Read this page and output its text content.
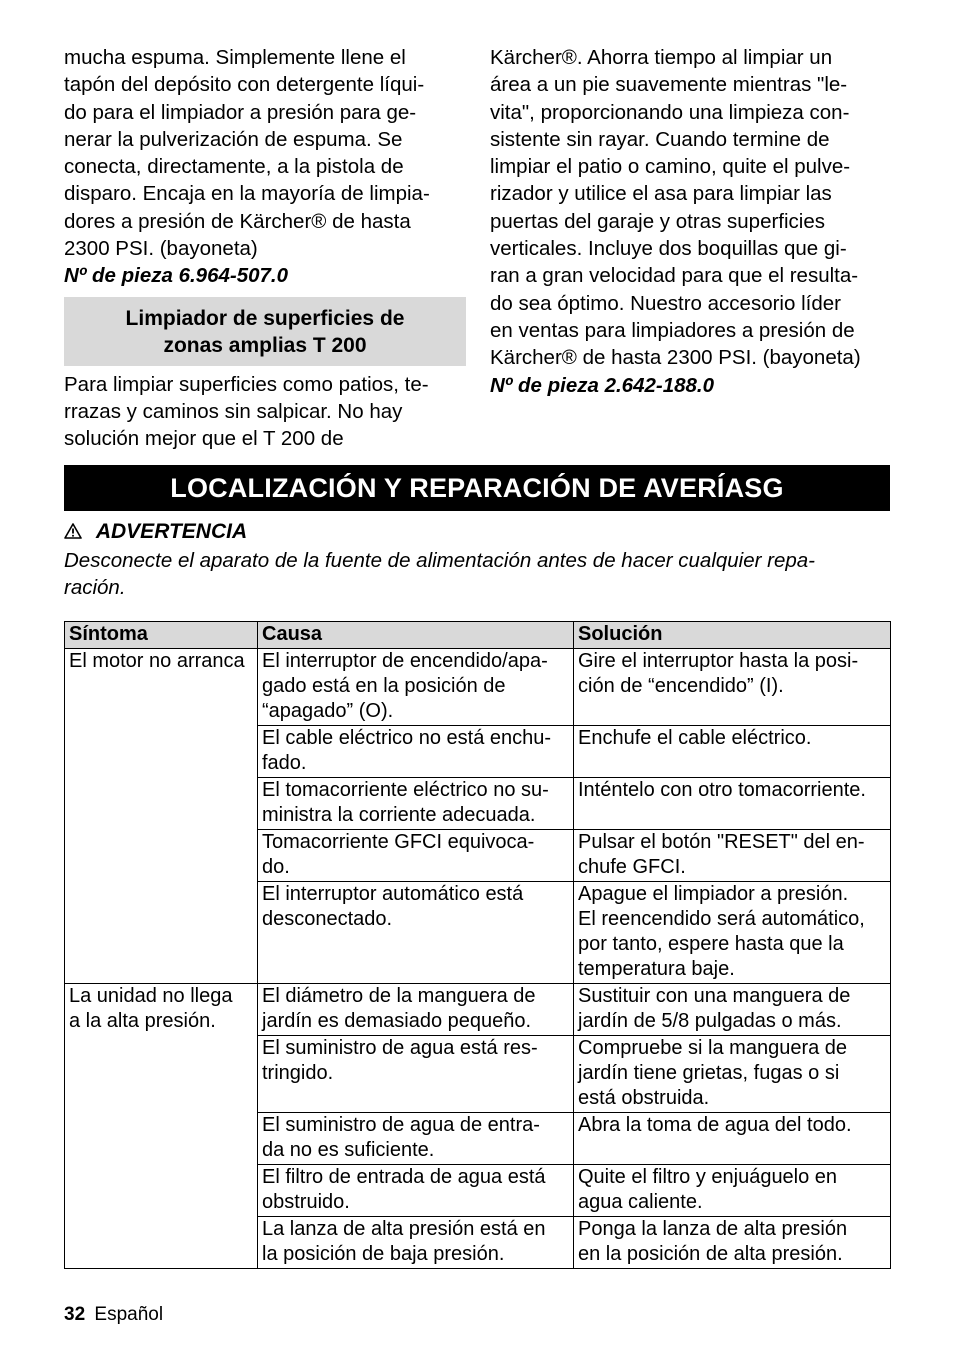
mucha espuma. Simplemente llene el
tapón del depósito con detergente líqui-
do para el limpiador a presión para ge-
nerar la pulverización de espuma. Se
conecta, directamente, a la pistola de
disparo. Encaja en la mayoría de limpia-
dores a presión de Kärcher® de hasta
2300 PSI. (bayoneta)

Nº de pieza 6.964-507.0

Limpiador de superficies de
zonas amplias T 200

Para limpiar superficies como patios, te-
rrazas y caminos sin salpicar. No hay
solución mejor que el T 200 de

Kärcher®. Ahorra tiempo al limpiar un
área a un pie suavemente mientras "le-
vita", proporcionando una limpieza con-
sistente sin rayar. Cuando termine de
limpiar el patio o camino, quite el pulve-
rizador y utilice el asa para limpiar las
puertas del garaje y otras superficies
verticales. Incluye dos boquillas que gi-
ran a gran velocidad para que el resulta-
do sea óptimo. Nuestro accesorio líder
en ventas para limpiadores a presión de
Kärcher® de hasta 2300 PSI. (bayoneta)

Nº de pieza 2.642-188.0

LOCALIZACIÓN Y REPARACIÓN DE AVERÍASG
ADVERTENCIA
Desconecte el aparato de la fuente de alimentación antes de hacer cualquier repa-
ración.
Síntoma	Causa	Solución
El motor no arranca	El interruptor de encendido/apa-
gado está en la posición de
“apagado” (O).	Gire el interruptor hasta la posi-
ción de “encendido” (I).
	El cable eléctrico no está enchu-
fado.	Enchufe el cable eléctrico.
	El tomacorriente eléctrico no su-
ministra la corriente adecuada.	Inténtelo con otro tomacorriente.
	Tomacorriente GFCI equivoca-
do.	Pulsar el botón "RESET" del en-
chufe GFCI.
	El interruptor automático está
desconectado.	Apague el limpiador a presión.
El reencendido será automático,
por tanto, espere hasta que la
temperatura baje.
La unidad no llega
a la alta presión.	El diámetro de la manguera de
jardín es demasiado pequeño.	Sustituir con una manguera de
jardín de 5/8 pulgadas o más.
	El suministro de agua está res-
tringido.	Compruebe si la manguera de
jardín tiene grietas, fugas o si
está obstruida.
	El suministro de agua de entra-
da no es suficiente.	Abra la toma de agua del todo.
	El filtro de entrada de agua está
obstruido.	Quite el filtro y enjuáguelo en
agua caliente.
	La lanza de alta presión está en
la posición de baja presión.	Ponga la lanza de alta presión
en la posición de alta presión.
32 Español
